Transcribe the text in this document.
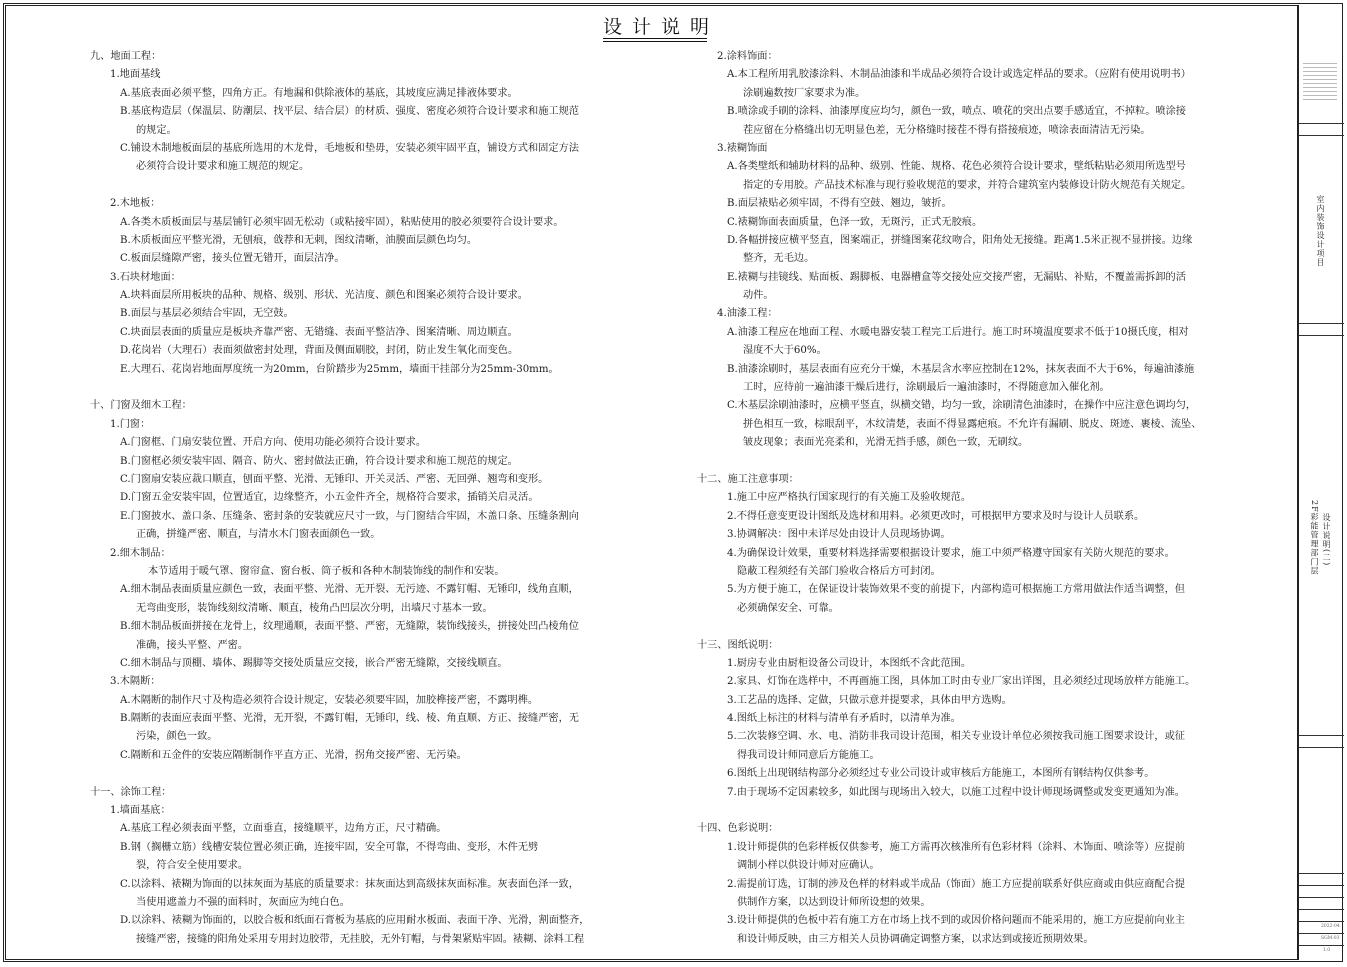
设计说明
九、地面工程：
1.地面基线
A.基底表面必须平整，四角方正。有地漏和供除液体的基底，其坡度应满足排液体要求。
B.基底构造层（保温层、防潮层、找平层、结合层）的材质、强度、密度必须符合设计要求和施工规范
的规定。
C.铺设木制地板面层的基底所选用的木龙骨，毛地板和垫毋，安装必须牢固平直，铺设方式和固定方法
必须符合设计要求和施工规范的规定。
2.木地板：
A.各类木质板面层与基层铺钉必须牢固无松动（或粘接牢固），粘贴使用的胶必须要符合设计要求。
B.木质板面应平整光滑，无刨痕，戗荐和无刺，图纹清晰，油膜面层颜色均匀。
C.板面层缝隙严密，接头位置无错开，面层洁净。
3.石块材地面：
A.块料面层所用板块的品种、规格、级别、形状、光洁度、颜色和图案必须符合设计要求。
B.面层与基层必须结合牢固，无空鼓。
C.块面层表面的质量应是板块齐靠严密、无错缝、表面平整洁净、图案清晰、周边顺直。
D.花岗岩（大理石）表面须做密封处理，背面及侧面刷胶，封闭，防止发生氧化而变色。
E.大理石、花岗岩地面厚度统一为20mm，台阶踏步为25mm，墙面干挂部分为25mm-30mm。
十、门窗及细木工程：
1.门窗：
A.门窗框、门扇安装位置、开启方向、使用功能必须符合设计要求。
B.门窗框必须安装牢固、隔音、防火、密封做法正确，符合设计要求和施工规范的规定。
C.门窗扇安装应裁口顺直，刨面平整、光滑、无锤印、开关灵活、严密、无回弹、翘弯和变形。
D.门窗五金安装牢固，位置适宜，边缘整齐，小五金件齐全，规格符合要求，插销关启灵活。
E.门窗披水、盖口条、压缝条、密封条的安装就应尺寸一致，与门窗结合牢固，木盖口条、压缝条割向
正确，拼缝严密、顺直，与清水木门窗表面颜色一致。
2.细木制品：
本节适用于暖气罩、窗帘盒、窗台板、筒子板和各种木制装饰线的制作和安装。
A.细木制品表面质量应颜色一致，表面平整、光滑、无开裂、无污迹、不露钉帽、无锤印，线角直顺，
无弯曲变形，装饰线刻纹清晰、顺直，棱角凸凹层次分明，出墙尺寸基本一致。
B.细木制品板面拼接在龙骨上，纹理通顺，表面平整、严密，无缝隙，装饰线接头，拼接处凹凸棱角位
准确，接头平整、严密。
C.细木制品与顶棚、墙体、踢脚等交接处质量应交接，嵌合严密无缝隙，交接线顺直。
3.木隔断：
A.木隔断的制作尺寸及构造必须符合设计规定，安装必须要牢固，加胶榫接严密，不露明榫。
B.隔断的表面应表面平整、光滑，无开裂，不露钉帽，无锤印，线、棱、角直顺、方正、接缝严密，无
污染，颜色一致。
C.隔断和五金件的安装应隔断制作平直方正、光滑，拐角交接严密、无污染。
十一、涂饰工程：
1.墙面基底：
A.基底工程必须表面平整，立面垂直，接缝顺平，边角方正，尺寸精确。
B.钢（搁栅立筋）线槽安装位置必须正确，连接牢固，安全可靠，不得弯曲、变形，木件无劈
裂，符合安全使用要求。
C.以涂料、裱糊为饰面的以抹灰面为基底的质量要求：抹灰面达到高级抹灰面标准。灰表面色泽一致，
当使用遮盖力不强的面料时，灰面应为纯白色。
D.以涂料、裱糊为饰面的，以胶合板和纸面石膏板为基底的应用耐水板面、表面干净、光滑，割面整齐，
接缝严密，接缝的阳角处采用专用封边胶带，无挂胶，无外钉帽，与骨架紧贴牢固。裱糊、涂料工程
2.涂料饰面：
A.本工程所用乳胶漆涂料、木制品油漆和半成品必须符合设计或选定样品的要求。（应附有使用说明书）
涂刷遍数按厂家要求为准。
B.喷涂或手刷的涂料、油漆厚度应均匀，颜色一致，喷点、喷花的突出点要手感适宜，不掉粒。喷涂接
茬应留在分格缝出切无明显色差，无分格缝时接茬不得有搭接痕迹，喷涂表面清洁无污染。
3.裱糊饰面
A.各类壁纸和辅助材料的品种、级别、性能、规格、花色必须符合设计要求，壁纸粘贴必须用所选型号
指定的专用胶。产品技术标准与现行验收规范的要求，并符合建筑室内装修设计防火规范有关规定。
B.面层裱贴必须牢固，不得有空鼓、翘边，皱折。
C.裱糊饰面表面质量，色泽一致，无斑污，正式无胶痕。
D.各幅拼接应横平竖直，图案端正，拼缝图案花纹吻合，阳角处无接缝。距离1.5米正视不显拼接。边缘
整齐，无毛边。
E.裱糊与挂镜线、贴面板、踢脚板、电器槽盒等交接处应交接严密，无漏贴、补贴，不覆盖需拆卸的活
动件。
4.油漆工程：
A.油漆工程应在地面工程、水暖电器安装工程完工后进行。施工时环境温度要求不低于10摄氏度，相对
湿度不大于60%。
B.油漆涂刷时，基层表面有应充分干燥，木基层含水率应控制在12%，抹灰表面不大于6%，每遍油漆施
工时，应待前一遍油漆干燥后进行，涂刷最后一遍油漆时，不得随意加入催化剂。
C.木基层涂刷油漆时，应横平竖直，纵横交错，均匀一致，涂刷清色油漆时，在操作中应注意色调均匀，
拼色相互一致，棕眼刮平，木纹清楚，表面不得显露疤痕。不允许有漏刷、脱皮、斑迹、裹棱、流坠、
皱皮现象；表面光亮柔和，光滑无挡手感，颜色一致，无刷纹。
十二、施工注意事项：
1.施工中应严格执行国家现行的有关施工及验收规范。
2.不得任意变更设计图纸及选材和用料。必须更改时，可根据甲方要求及时与设计人员联系。
3.协调解决：图中未详尽处由设计人员现场协调。
4.为确保设计效果，重要材料选择需要根据设计要求，施工中须严格遵守国家有关防火规范的要求。
隐蔽工程须经有关部门验收合格后方可封闭。
5.为方便于施工，在保证设计装饰效果不变的前提下，内部构造可根据施工方常用做法作适当调整，但
必须确保安全、可靠。
十三、图纸说明：
1.厨房专业由厨柜设备公司设计，本图纸不含此范围。
2.家具、灯饰在选样中，不再画施工图，具体加工时由专业厂家出详图，且必须经过现场放样方能施工。
3.工艺品的选择、定做，只做示意并提要求，具体由甲方选购。
4.图纸上标注的材料与清单有矛盾时，以清单为准。
5.二次装修空调、水、电、消防非我司设计范围，相关专业设计单位必须按我司施工图要求设计，或征
得我司设计师同意后方能施工。
6.图纸上出现钢结构部分必须经过专业公司设计或审核后方能施工，本图所有钢结构仅供参考。
7.由于现场不定因素较多，如此图与现场出入较大，以施工过程中设计师现场调整或发变更通知为准。
十四、色彩说明：
1.设计师提供的色彩样板仅供参考，施工方需再次核准所有色彩材料（涂料、木饰面、喷涂等）应提前
调制小样以供设计师对应确认。
2.需提前订选，订制的涉及色样的材料或半成品（饰面）施工方应提前联系好供应商或由供应商配合提
供制作方案，以达到设计师所设想的效果。
3.设计师提供的色板中若有施工方在市场上找不到的或因价格问题而不能采用的，施工方应提前向业主
和设计师反映，由三方相关人员协调确定调整方案，以求达到或接近预期效果。
室内装饰设计项目
2F彩能管理部门层 设计说明(二)
2022-04
SGM-03
1.0
